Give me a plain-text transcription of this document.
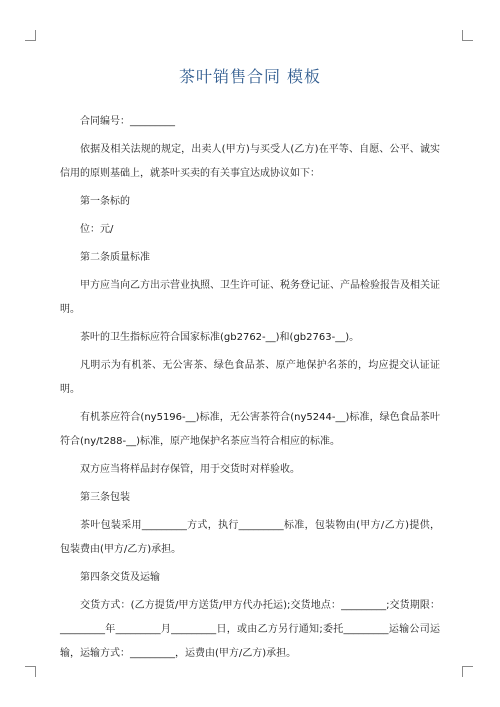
茶叶销售合同 模板

合同编号：_________

依据及相关法规的规定，出卖人(甲方)与买受人(乙方)在平等、自愿、公平、诚实信用的原则基础上，就茶叶买卖的有关事宜达成协议如下：

第一条标的

位：元/

第二条质量标准

甲方应当向乙方出示营业执照、卫生许可证、税务登记证、产品检验报告及相关证明。

茶叶的卫生指标应符合国家标准(gb2762-__)和(gb2763-__)。

凡明示为有机茶、无公害茶、绿色食品茶、原产地保护名茶的，均应提交认证证明。

有机茶应符合(ny5196-__)标准，无公害茶符合(ny5244-__)标准，绿色食品茶叶符合(ny/t288-__)标准，原产地保护名茶应当符合相应的标准。

双方应当将样品封存保管，用于交货时对样验收。

第三条包装

茶叶包装采用_________方式，执行_________标准，包装物由(甲方/乙方)提供，包装费由(甲方/乙方)承担。

第四条交货及运输

交货方式：(乙方提货/甲方送货/甲方代办托运);交货地点：_________;交货期限：_________年_________月_________日，或由乙方另行通知;委托_________运输公司运输，运输方式：_________，运费由(甲方/乙方)承担。
